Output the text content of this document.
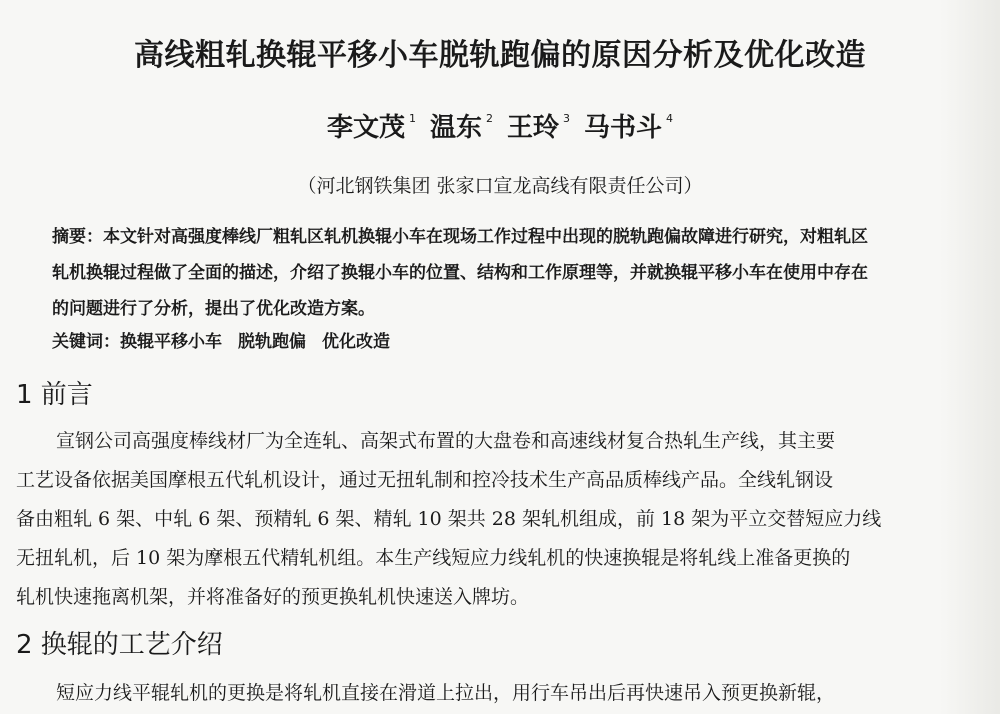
高线粗轧换辊平移小车脱轨跑偏的原因分析及优化改造
李文茂 $^1$ 温东 $^2$ 王玲 $^3$ 马书斗 $^4$
（河北钢铁集团 张家口宣龙高线有限责任公司）
摘要：本文针对高强度棒线厂粗轧区轧机换辊小车在现场工作过程中出现的脱轨跑偏故障进行研究，对粗轧区
轧机换辊过程做了全面的描述，介绍了换辊小车的位置、结构和工作原理等，并就换辊平移小车在使用中存在
的问题进行了分析，提出了优化改造方案。
关键词：换辊平移小车 脱轨跑偏 优化改造
1 前言
宣钢公司高强度棒线材厂为全连轧、高架式布置的大盘卷和高速线材复合热轧生产线，其主要
工艺设备依据美国摩根五代轧机设计，通过无扭轧制和控冷技术生产高品质棒线产品。全线轧钢设
备由粗轧 6 架、中轧 6 架、预精轧 6 架、精轧 10 架共 28 架轧机组成，前 18 架为平立交替短应力线
无扭轧机，后 10 架为摩根五代精轧机组。本生产线短应力线轧机的快速换辊是将轧线上准备更换的
轧机快速拖离机架，并将准备好的预更换轧机快速送入牌坊。
2 换辊的工艺介绍
短应力线平辊轧机的更换是将轧机直接在滑道上拉出，用行车吊出后再快速吊入预更换新辊，
